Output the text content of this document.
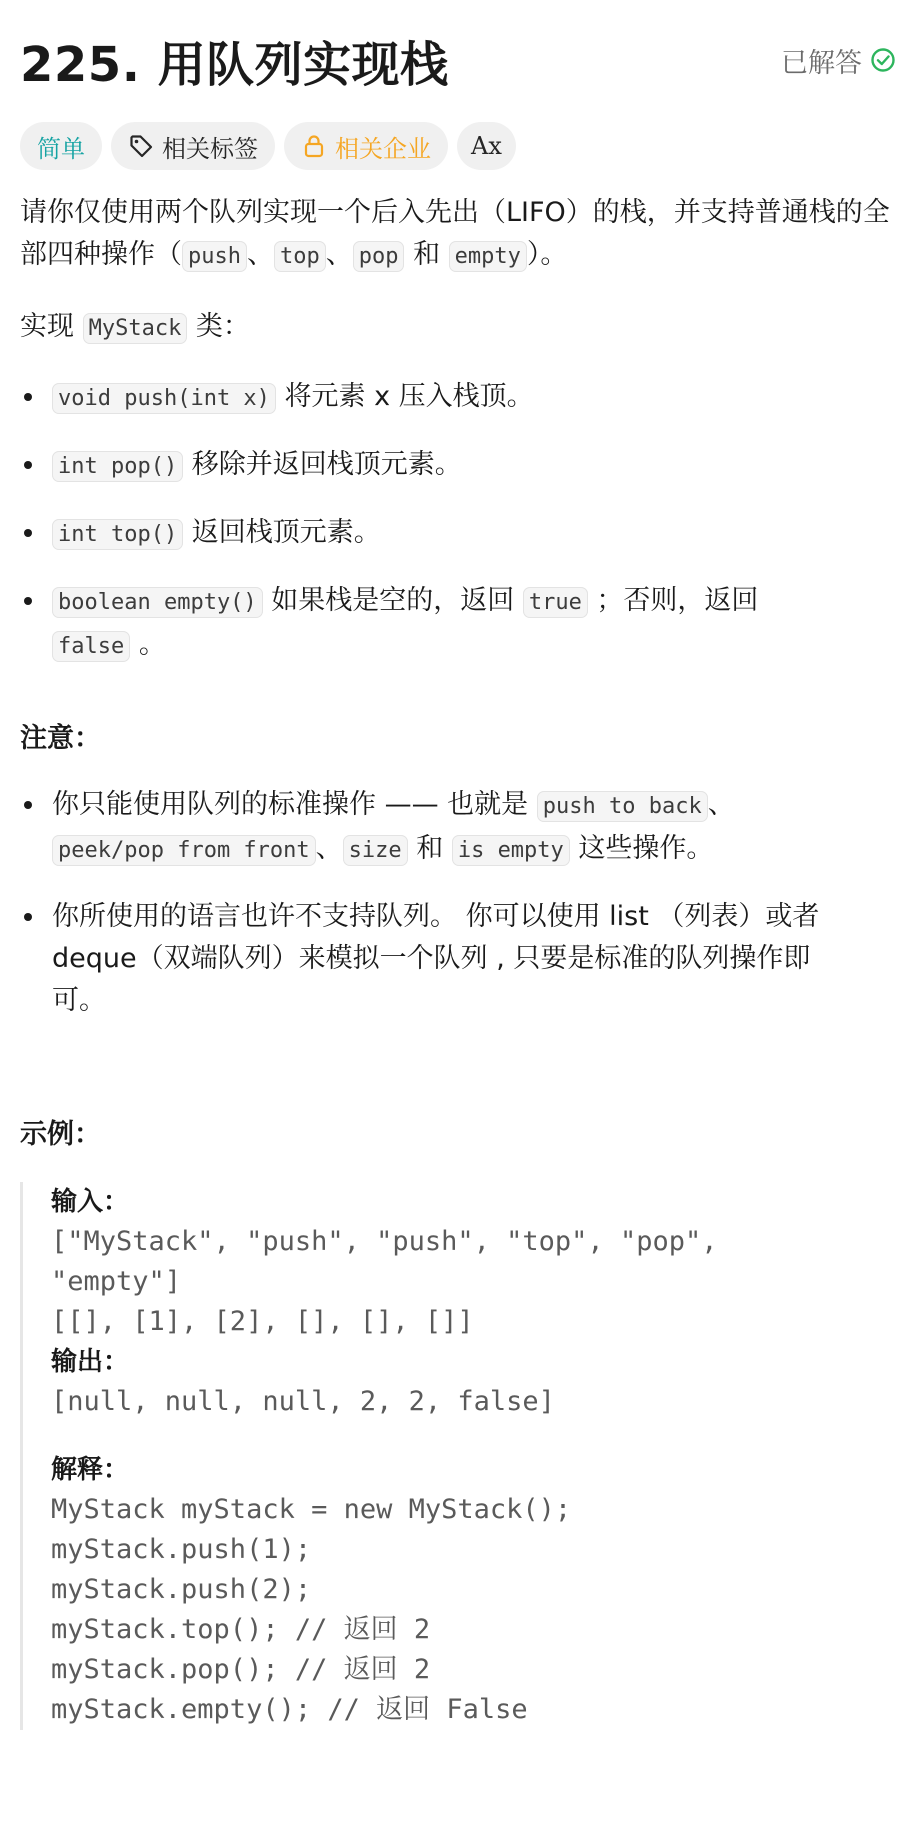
225. 用队列实现栈	已解答
简单	相关标签	相关企业 Aх

请你仅使用两个队列实现一个后入先出（LIFO）的栈，并支持普通栈的全部四种操作（ push 、 top 、 pop 和 empty ）。

实现 MyStack 类：

void push(int x) 将元素 x 压入栈顶。
int pop() 移除并返回栈顶元素。
int top() 返回栈顶元素。
boolean empty() 如果栈是空的，返回 true ；否则，返回
false 。
注意：
你只能使用队列的标准操作 —— 也就是 push to back 、
peek/pop from front 、 size 和 is empty 这些操作。
你所使用的语言也许不支持队列。 你可以使用 list （列表）或者 deque（双端队列）来模拟一个队列 , 只要是标准的队列操作即可。
示例：
输入：
["MyStack", "push", "push", "top", "pop",
"empty"]
[[], [1], [2], [], [], []]
输出：
[null, null, null, 2, 2, false]
解释：
MyStack myStack = new MyStack();
myStack.push(1);
myStack.push(2);
myStack.top(); // 返回 2
myStack.pop(); // 返回 2
myStack.empty(); // 返回 False
